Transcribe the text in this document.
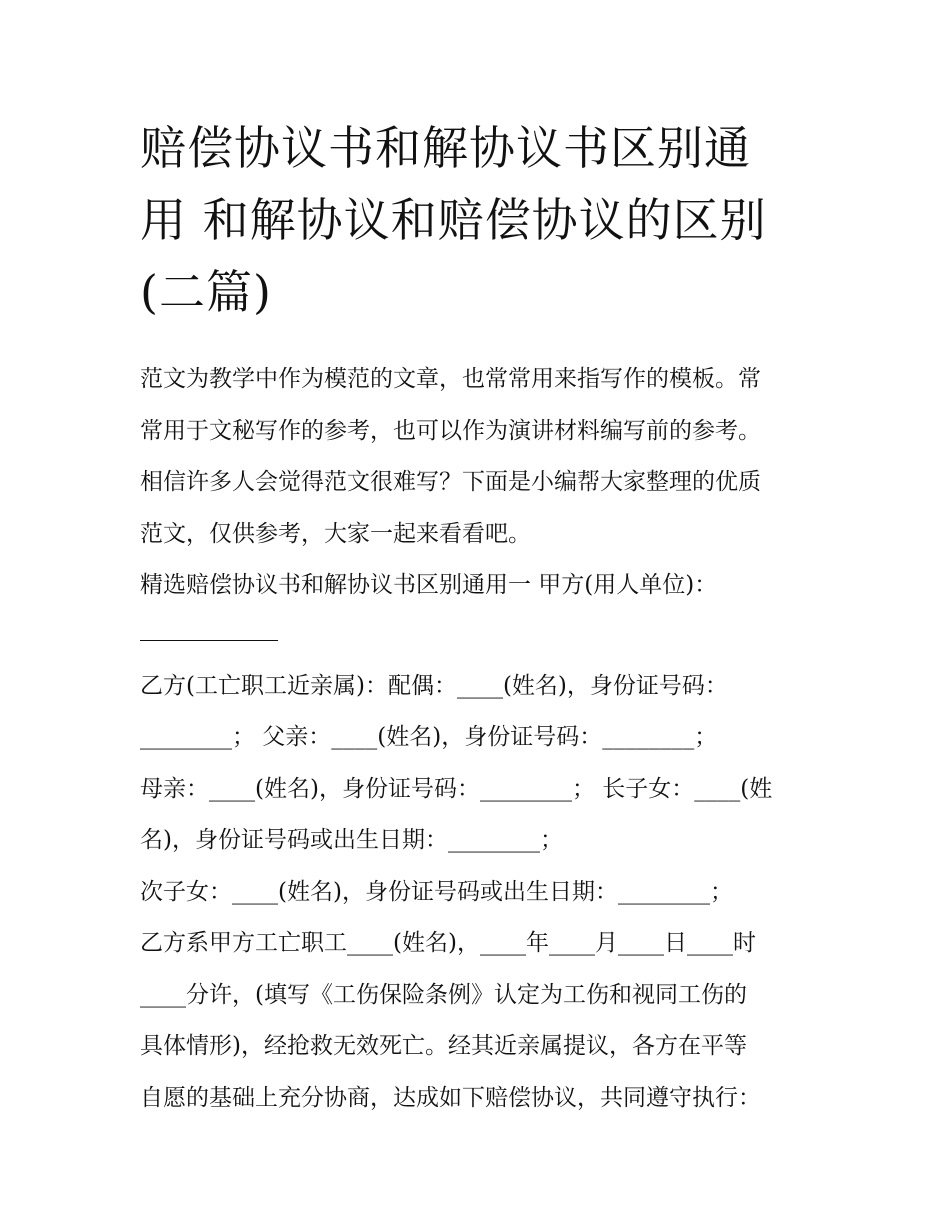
赔偿协议书和解协议书区别通
用 和解协议和赔偿协议的区别
(二篇)

范文为教学中作为模范的文章，也常常用来指写作的模板。常

常用于文秘写作的参考，也可以作为演讲材料编写前的参考。

相信许多人会觉得范文很难写？下面是小编帮大家整理的优质

范文，仅供参考，大家一起来看看吧。

精选赔偿协议书和解协议书区别通用一 甲方(用人单位)：

乙方(工亡职工近亲属)：配偶：____(姓名)，身份证号码：

________； 父亲：____(姓名)，身份证号码：________；

母亲：____(姓名)，身份证号码：________； 长子女：____(姓

名)，身份证号码或出生日期：________；

次子女：____(姓名)，身份证号码或出生日期：________；

乙方系甲方工亡职工____(姓名)，____年____月____日____时

____分许，(填写《工伤保险条例》认定为工伤和视同工伤的

具体情形)，经抢救无效死亡。经其近亲属提议，各方在平等

自愿的基础上充分协商，达成如下赔偿协议，共同遵守执行：
